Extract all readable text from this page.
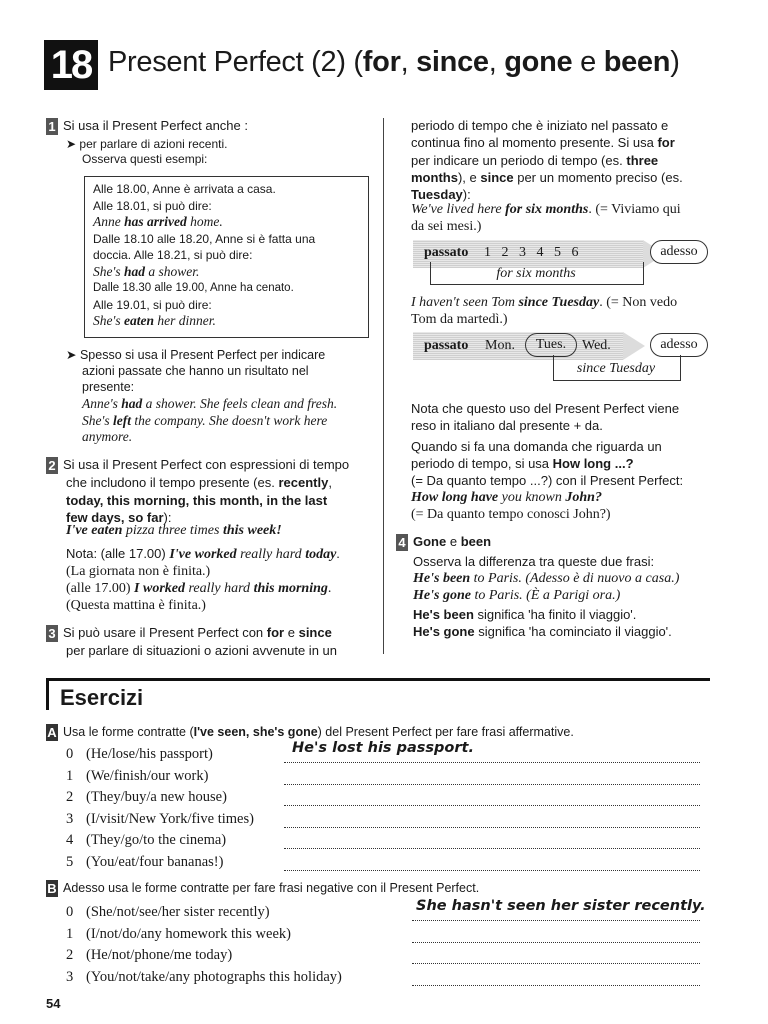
18 Present Perfect (2) (for, since, gone e been)
1 Si usa il Present Perfect anche :
➤ per parlare di azioni recenti.
Osserva questi esempi:
Alle 18.00, Anne è arrivata a casa.
Alle 18.01, si può dire:
Anne has arrived home.
Dalle 18.10 alle 18.20, Anne si è fatta una
doccia. Alle 18.21, si può dire:
She's had a shower.
Dalle 18.30 alle 19.00, Anne ha cenato.
Alle 19.01, si può dire:
She's eaten her dinner.
➤ Spesso si usa il Present Perfect per indicare
azioni passate che hanno un risultato nel
presente:
Anne's had a shower. She feels clean and fresh.
She's left the company. She doesn't work here
anymore.
2 Si usa il Present Perfect con espressioni di tempo
che includono il tempo presente (es. recently,
today, this morning, this month, in the last
few days, so far):
I've eaten pizza three times this week!
Nota: (alle 17.00) I've worked really hard today.
(La giornata non è finita.)
(alle 17.00) I worked really hard this morning.
(Questa mattina è finita.)
3 Si può usare il Present Perfect con for e since
per parlare di situazioni o azioni avvenute in un
periodo di tempo che è iniziato nel passato e
continua fino al momento presente. Si usa for
per indicare un periodo di tempo (es. three
months), e since per un momento preciso (es.
Tuesday):
We've lived here for six months. (= Viviamo qui
da sei mesi.)
passato 1   2   3   4   5   6	adesso
for six months
I haven't seen Tom since Tuesday. (= Non vedo
Tom da martedì.)
passato Mon.	Tues.	Wed.	adesso
since Tuesday
Nota che questo uso del Present Perfect viene
reso in italiano dal presente + da.
Quando si fa una domanda che riguarda un
periodo di tempo, si usa How long ...?
(= Da quanto tempo ...?) con il Present Perfect:
How long have you known John?
(= Da quanto tempo conosci John?)
4 Gone e been
Osserva la differenza tra queste due frasi:
He's been to Paris. (Adesso è di nuovo a casa.)
He's gone to Paris. (È a Parigi ora.)
He's been significa 'ha finito il viaggio'.
He's gone significa 'ha cominciato il viaggio'.
Esercizi
A Usa le forme contratte (I've seen, she's gone) del Present Perfect per fare frasi affermative.
0 (He/lose/his passport)	He's lost his passport.
1 (We/finish/our work)
2 (They/buy/a new house)
3 (I/visit/New York/five times)
4 (They/go/to the cinema)
5 (You/eat/four bananas!)
B Adesso usa le forme contratte per fare frasi negative con il Present Perfect.
0 (She/not/see/her sister recently)	She hasn't seen her sister recently.
1 (I/not/do/any homework this week)
2 (He/not/phone/me today)
3 (You/not/take/any photographs this holiday)
54
